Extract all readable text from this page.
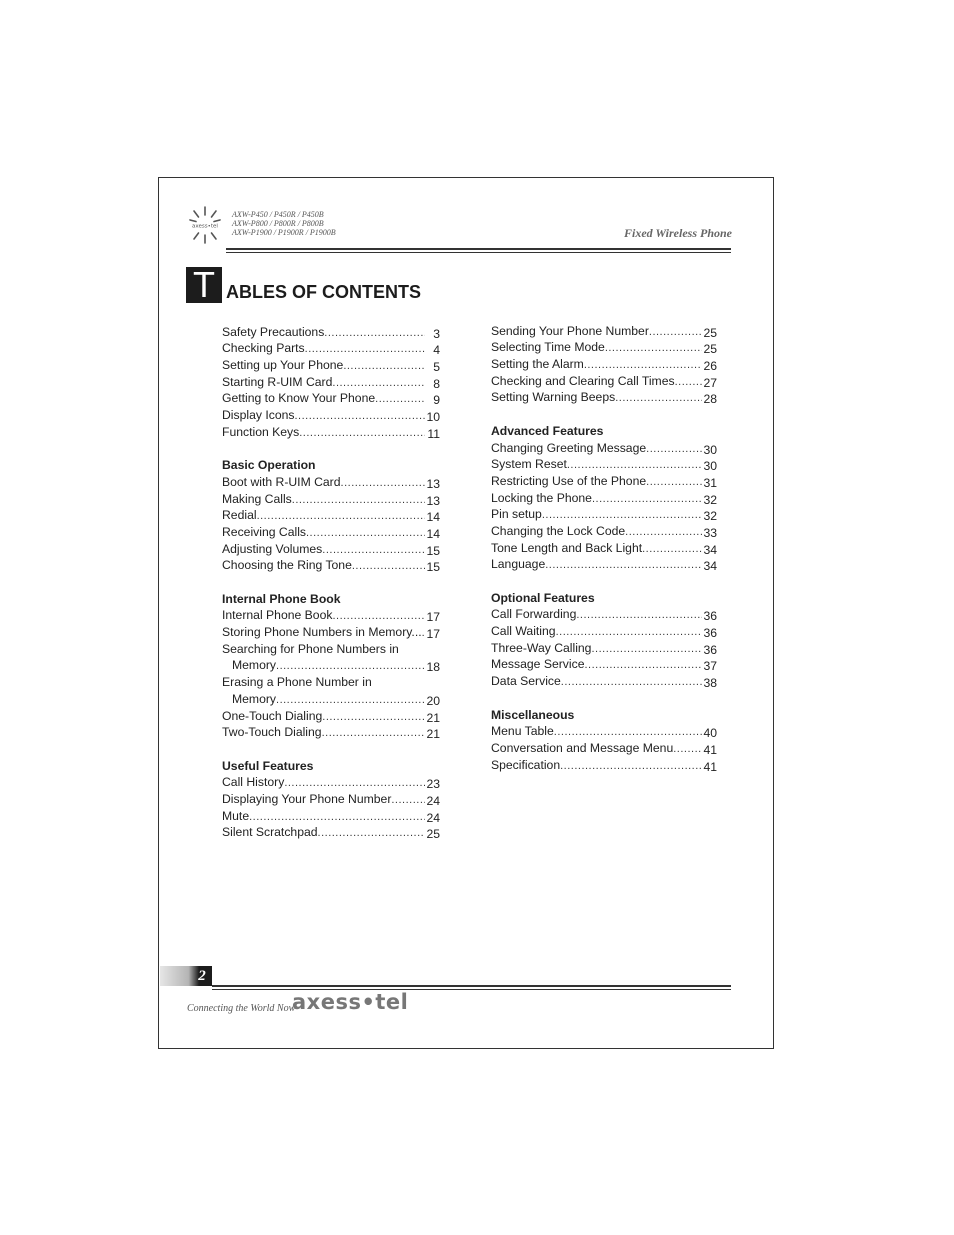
axess•tel
AXW-P450 / P450R / P450B
AXW-P800 / P800R / P800B
AXW-P1900 / P1900R / P1900B	Fixed Wireless Phone
T ABLES OF CONTENTS
Safety Precautions .....	3
Checking Parts .....	4
Setting up Your Phone .....	5
Starting R-UIM Card .....	8
Getting to Know Your Phone .....	9
Display Icons .....	10
Function Keys .....	11
Basic Operation
Boot with R-UIM Card .....	13
Making Calls .....	13
Redial .....	14
Receiving Calls .....	14
Adjusting Volumes .....	15
Choosing the Ring Tone .....	15
Internal Phone Book
Internal Phone Book .....	17
Storing Phone Numbers in Memory... ..... 17
Searching for Phone Numbers in
Memory .....	18
Erasing a Phone Number in
Memory .....	20
One-Touch Dialing .....	21
Two-Touch Dialing .....	21
Useful Features
Call History .....	23
Displaying Your Phone Number .....	24
Mute .....	24
Silent Scratchpad .....	25
Sending Your Phone Number .....	25
Selecting Time Mode .....	25
Setting the Alarm .....	26
Checking and Clearing Call Times ..... 27
Setting Warning Beeps .....	28
Advanced Features
Changing Greeting Message .....	30
System Reset .....	30
Restricting Use of the Phone .....	31
Locking the Phone .....	32
Pin setup .....	32
Changing the Lock Code .....	33
Tone Length and Back Light .....	34
Language .....	34
Optional Features
Call Forwarding .....	36
Call Waiting .....	36
Three-Way Calling .....	36
Message Service .....	37
Data Service .....	38
Miscellaneous
Menu Table .....	40
Conversation and Message Menu ..... 41
Specification .....	41
2
Connecting the World Now
axess•tel
